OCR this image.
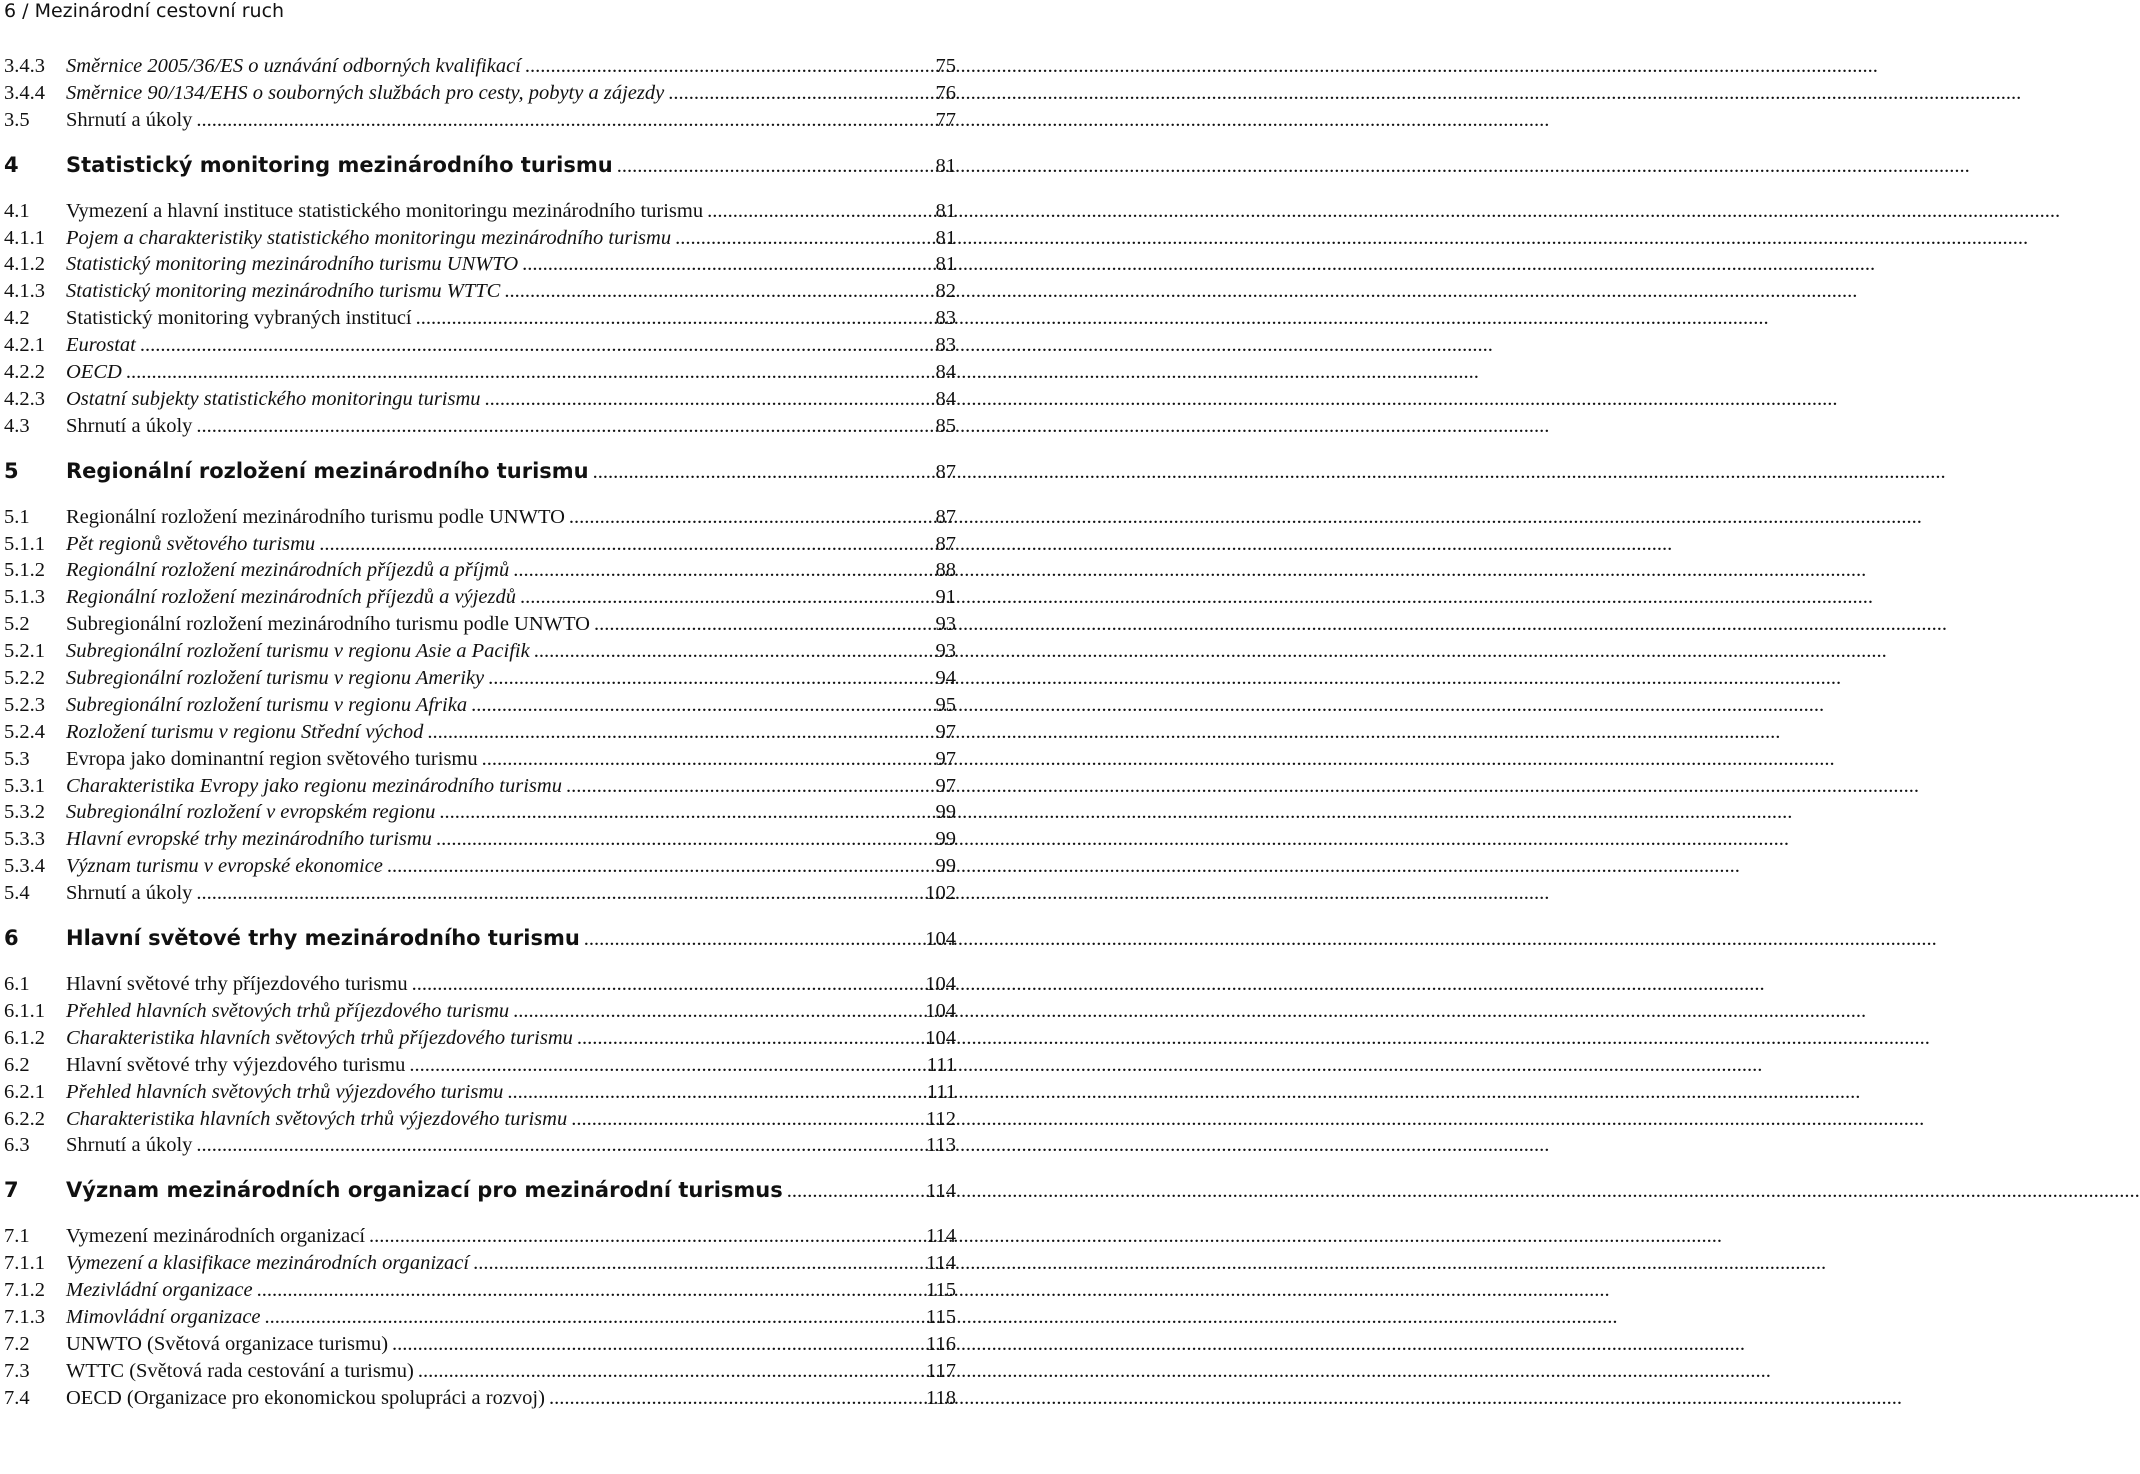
6 / Mezinárodní cestovní ruch
3.4.3	Směrnice 2005/36/ES o uznávání odborných kvalifikací .....	75
3.4.4	Směrnice 90/134/EHS o souborných službách pro cesty, pobyty a zájezdy .....	76
3.5	Shrnutí a úkoly .....	77
4	Statistický monitoring mezinárodního turismu .....	81
4.1	Vymezení a hlavní instituce statistického monitoringu mezinárodního turismu .....	81
4.1.1	Pojem a charakteristiky statistického monitoringu mezinárodního turismu .....	81
4.1.2	Statistický monitoring mezinárodního turismu UNWTO .....	81
4.1.3	Statistický monitoring mezinárodního turismu WTTC .....	82
4.2	Statistický monitoring vybraných institucí .....	83
4.2.1	Eurostat .....	83
4.2.2	OECD .....	84
4.2.3	Ostatní subjekty statistického monitoringu turismu .....	84
4.3	Shrnutí a úkoly .....	85
5	Regionální rozložení mezinárodního turismu .....	87
5.1	Regionální rozložení mezinárodního turismu podle UNWTO .....	87
5.1.1	Pět regionů světového turismu .....	87
5.1.2	Regionální rozložení mezinárodních příjezdů a příjmů .....	88
5.1.3	Regionální rozložení mezinárodních příjezdů a výjezdů .....	91
5.2	Subregionální rozložení mezinárodního turismu podle UNWTO .....	93
5.2.1	Subregionální rozložení turismu v regionu Asie a Pacifik .....	93
5.2.2	Subregionální rozložení turismu v regionu Ameriky .....	94
5.2.3	Subregionální rozložení turismu v regionu Afrika .....	95
5.2.4	Rozložení turismu v regionu Střední východ .....	97
5.3	Evropa jako dominantní region světového turismu .....	97
5.3.1	Charakteristika Evropy jako regionu mezinárodního turismu .....	97
5.3.2	Subregionální rozložení v evropském regionu .....	99
5.3.3	Hlavní evropské trhy mezinárodního turismu .....	99
5.3.4	Význam turismu v evropské ekonomice .....	99
5.4	Shrnutí a úkoly .....	102
6	Hlavní světové trhy mezinárodního turismu .....	104
6.1	Hlavní světové trhy příjezdového turismu .....	104
6.1.1	Přehled hlavních světových trhů příjezdového turismu .....	104
6.1.2	Charakteristika hlavních světových trhů příjezdového turismu .....	104
6.2	Hlavní světové trhy výjezdového turismu .....	111
6.2.1	Přehled hlavních světových trhů výjezdového turismu .....	111
6.2.2	Charakteristika hlavních světových trhů výjezdového turismu .....	112
6.3	Shrnutí a úkoly .....	113
7	Význam mezinárodních organizací pro mezinárodní turismus .....	114
7.1	Vymezení mezinárodních organizací .....	114
7.1.1	Vymezení a klasifikace mezinárodních organizací .....	114
7.1.2	Mezivládní organizace .....	115
7.1.3	Mimovládní organizace .....	115
7.2	UNWTO (Světová organizace turismu) .....	116
7.3	WTTC (Světová rada cestování a turismu) .....	117
7.4	OECD (Organizace pro ekonomickou spolupráci a rozvoj) .....	118
